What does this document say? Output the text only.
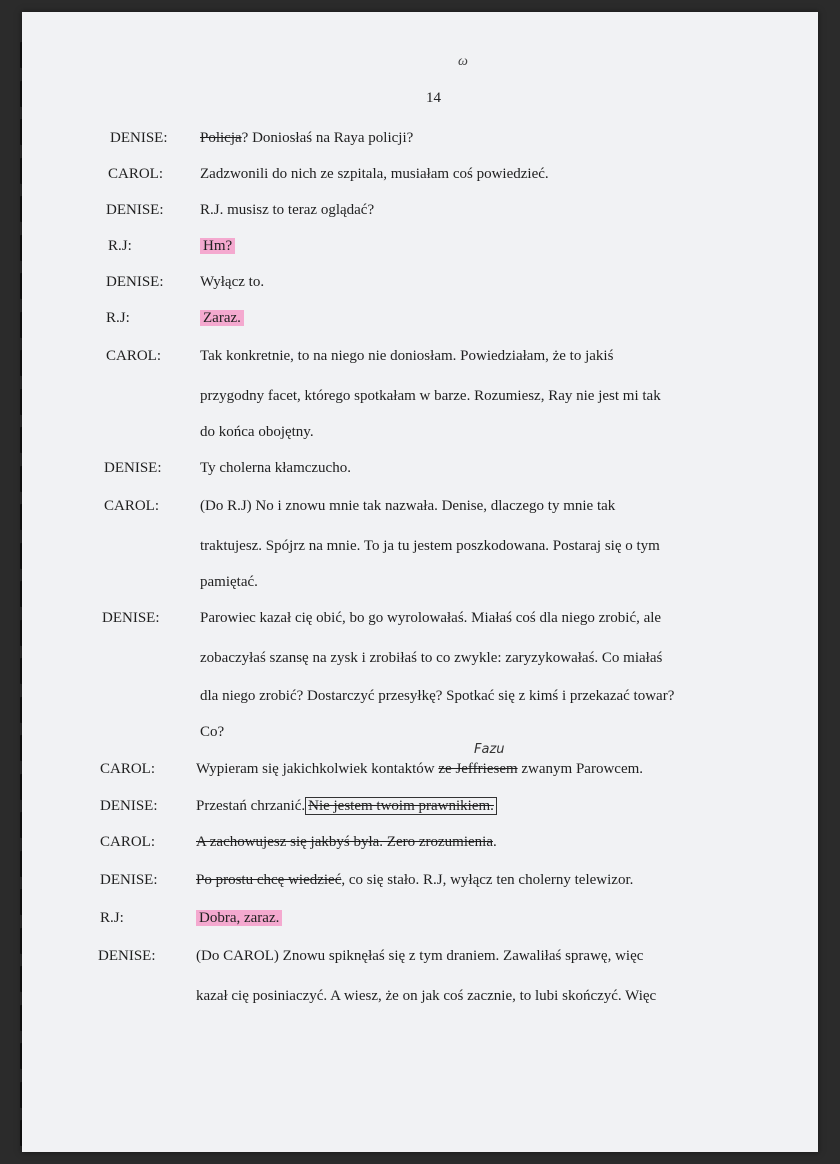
ω
14
DENISE: Policja? Doniosłaś na Raya policji?
CAROL: Zadzwonili do nich ze szpitala, musiałam coś powiedzieć.
DENISE: R.J. musisz to teraz oglądać?
R.J:	Hm?
DENISE: Wyłącz to.
R.J:	Zaraz.
CAROL:	Tak konkretnie, to na niego nie doniosłam. Powiedziałam, że to jakiś
przygodny facet, którego spotkałam w barze. Rozumiesz, Ray nie jest mi tak
do końca obojętny.
DENISE:	Ty cholerna kłamczucho.
CAROL:	(Do R.J) No i znowu mnie tak nazwała. Denise, dlaczego ty mnie tak
traktujesz. Spójrz na mnie. To ja tu jestem poszkodowana. Postaraj się o tym
pamiętać.
DENISE:	Parowiec kazał cię obić, bo go wyrolowałaś. Miałaś coś dla niego zrobić, ale
zobaczyłaś szansę na zysk i zrobiłaś to co zwykle: zaryzykowałaś. Co miałaś
dla niego zrobić? Dostarczyć przesyłkę? Spotkać się z kimś i przekazać towar?
Co?
CAROL:	Wypieram się jakichkolwiek kontaktów ze Jeffriesem zwanym Parowcem.
DENISE:	Przestań chrzanić. Nie jestem twoim prawnikiem.
CAROL:	A zachowujesz się jakbyś była. Zero zrozumienia.
DENISE:	Po prostu chcę wiedzieć, co się stało. R.J, wyłącz ten cholerny telewizor.
R.J:	Dobra, zaraz.
DENISE:	(Do CAROL) Znowu spiknęłaś się z tym draniem. Zawaliłaś sprawę, więc
kazał cię posiniaczyć. A wiesz, że on jak coś zacznie, to lubi skończyć. Więc
Fazu
